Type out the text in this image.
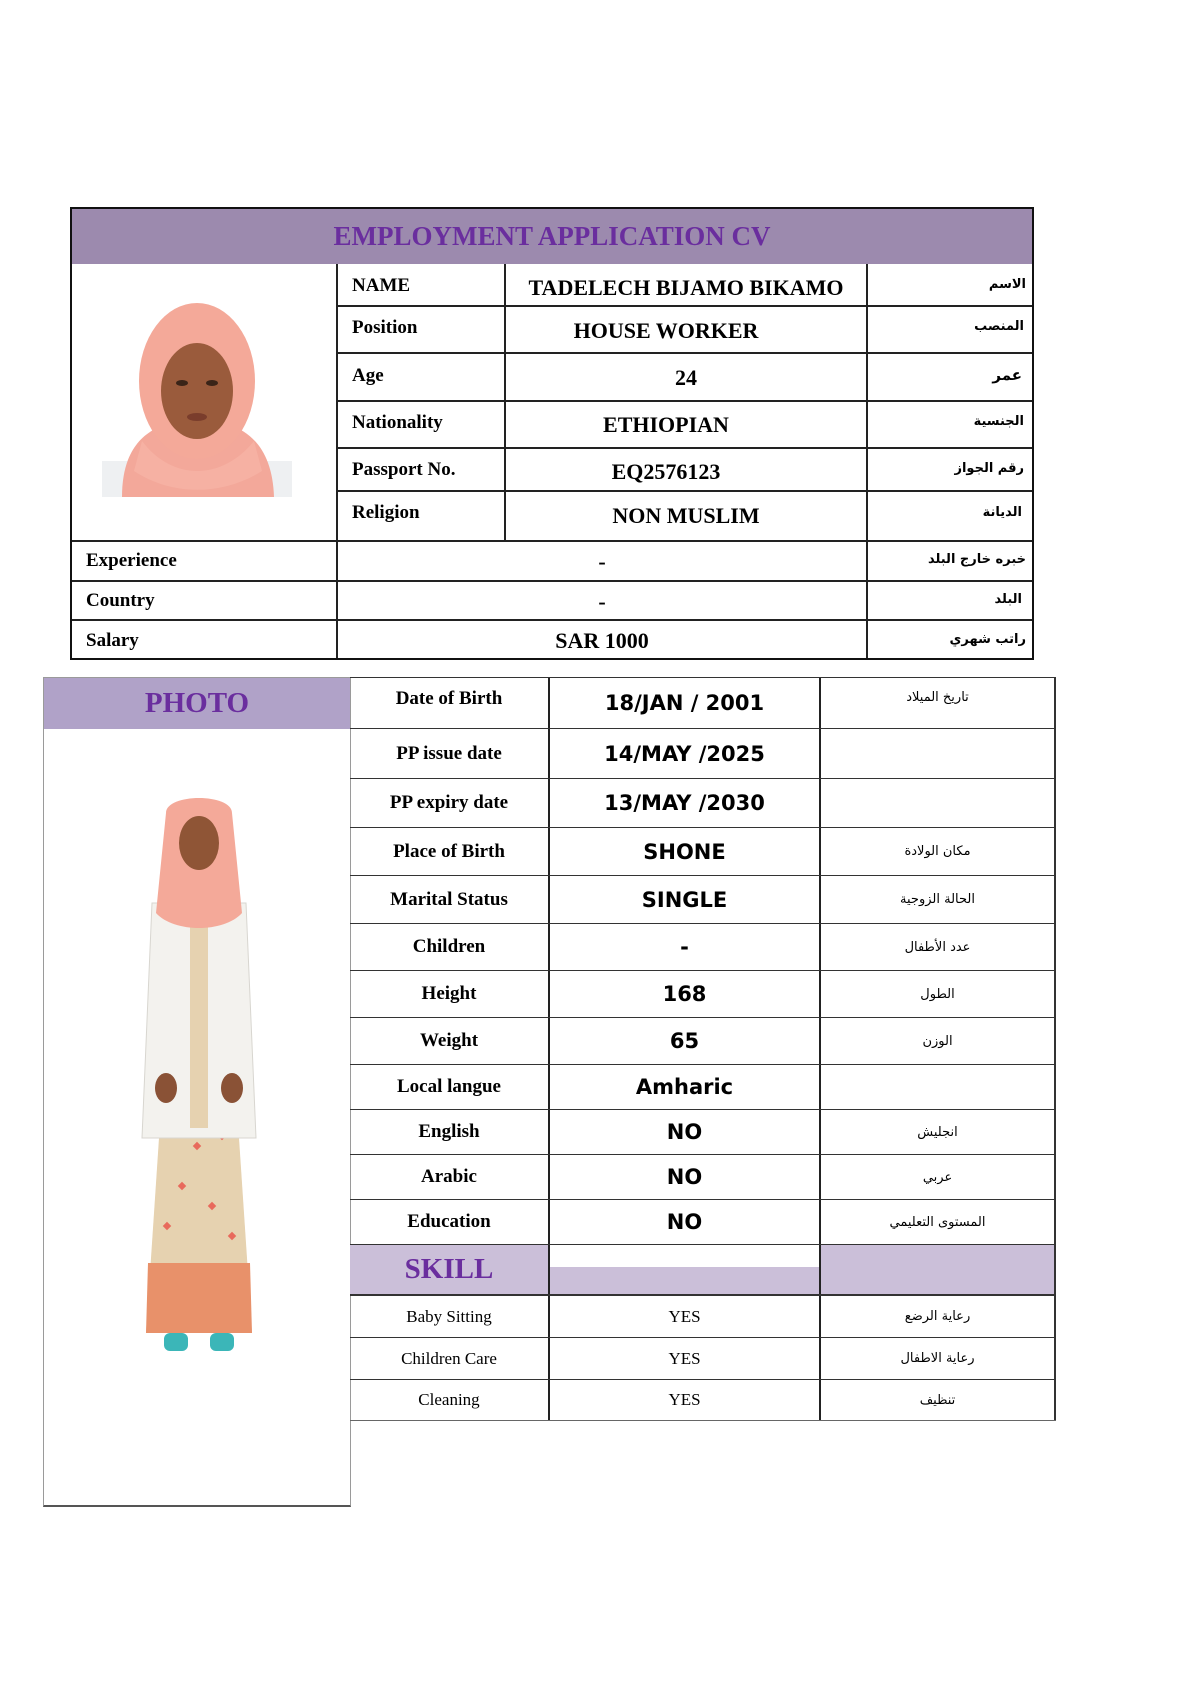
EMPLOYMENT APPLICATION CV
NAME	TADELECH BIJAMO BIKAMO	الاسم
Position	HOUSE WORKER	المنصب
Age	24	عمر
Nationality	ETHIOPIAN	الجنسية
Passport No.	EQ2576123	رقم الجواز
Religion	NON MUSLIM	الديانة
Experience	-	خبره خارج البلد
Country	-	البلد
Salary	SAR 1000	راتب شهري
PHOTO	Date of Birth	18/JAN / 2001	تاريخ الميلاد
PP issue date	14/MAY /2025
PP expiry date	13/MAY /2030
Place of Birth	SHONE	مكان الولادة
Marital Status	SINGLE	الحالة الزوجية
Children	-	عدد الأطفال
Height	168	الطول
Weight	65	الوزن
Local langue	Amharic
English	NO	انجليش
Arabic	NO	عربي
Education	NO	المستوى التعليمي
SKILL
Baby Sitting	YES	رعاية الرضع
Children Care	YES	رعاية الاطفال
Cleaning	YES	تنظيف
